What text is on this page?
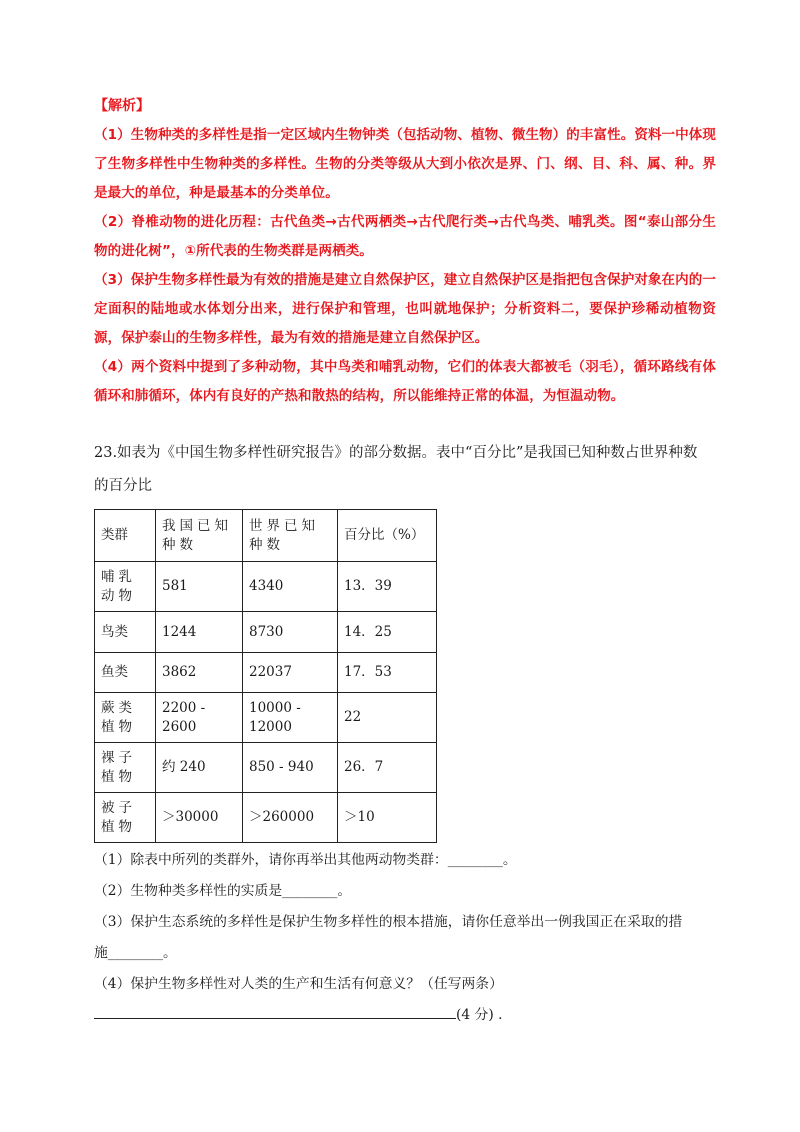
【解析】

（1）生物种类的多样性是指一定区域内生物钟类（包括动物、植物、微生物）的丰富性。资料一中体现了生物多样性中生物种类的多样性。生物的分类等级从大到小依次是界、门、纲、目、科、属、种。界是最大的单位，种是最基本的分类单位。

（2）脊椎动物的进化历程：古代鱼类→古代两栖类→古代爬行类→古代鸟类、哺乳类。图“泰山部分生物的进化树”，①所代表的生物类群是两栖类。

（3）保护生物多样性最为有效的措施是建立自然保护区，建立自然保护区是指把包含保护对象在内的一定面积的陆地或水体划分出来，进行保护和管理，也叫就地保护；分析资料二，要保护珍稀动植物资源，保护泰山的生物多样性，最为有效的措施是建立自然保护区。

（4）两个资料中提到了多种动物，其中鸟类和哺乳动物，它们的体表大都被毛（羽毛），循环路线有体循环和肺循环，体内有良好的产热和散热的结构，所以能维持正常的体温，为恒温动物。

23.如表为《中国生物多样性研究报告》的部分数据。表中“百分比”是我国已知种数占世界种数

的百分比

类群	我国已知种数	世界已知种数	百分比（%）
哺乳动物	581	4340	13．39
鸟类	1244	8730	14．25
鱼类	3862	22037	17．53
蕨类植物	2200 - 2600	10000 - 12000	22
裸子植物	约 240	850 - 940	26．7
被子植物	＞30000	＞260000	＞10

（1）除表中所列的类群外，请你再举出其他两动物类群：________。

（2）生物种类多样性的实质是________。

（3）保护生态系统的多样性是保护生物多样性的根本措施，请你任意举出一例我国正在采取的措

施________。

（4）保护生物多样性对人类的生产和生活有何意义？（任写两条）

(4 分) .
